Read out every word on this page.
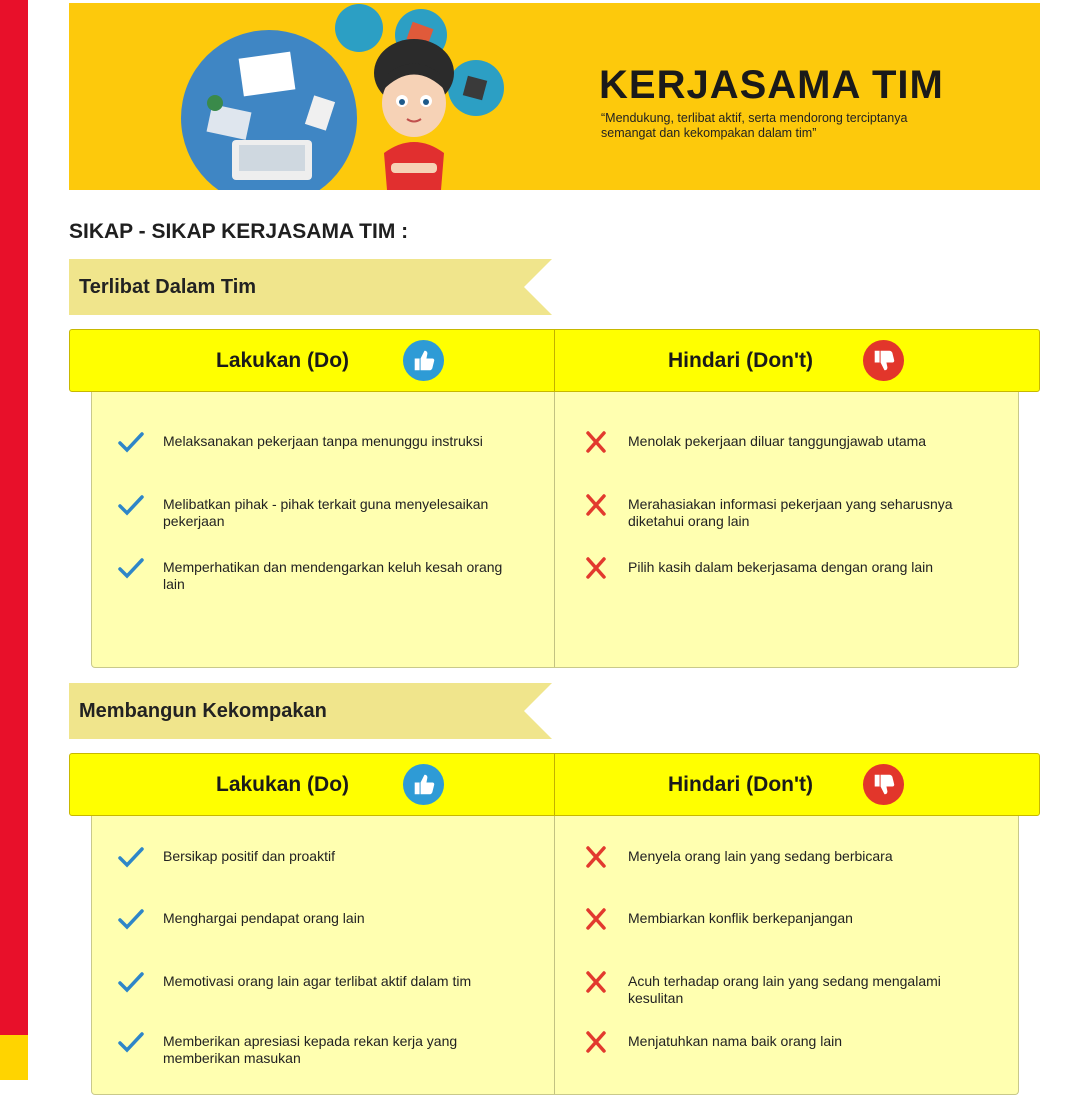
KERJASAMA TIM
“Mendukung, terlibat aktif, serta mendorong terciptanya semangat dan kekompakan dalam tim”
SIKAP - SIKAP KERJASAMA TIM :
Terlibat Dalam Tim
Lakukan (Do)	Hindari (Don't)
Melaksanakan pekerjaan tanpa menunggu instruksi
Melibatkan pihak - pihak terkait guna menyelesaikan pekerjaan
Memperhatikan dan mendengarkan keluh kesah orang lain
Menolak pekerjaan diluar tanggungjawab utama
Merahasiakan informasi pekerjaan yang seharusnya diketahui orang lain
Pilih kasih dalam bekerjasama dengan orang lain
Membangun Kekompakan
Lakukan (Do)	Hindari (Don't)
Bersikap positif dan proaktif
Menghargai pendapat orang lain
Memotivasi orang lain agar terlibat aktif dalam tim
Memberikan apresiasi kepada rekan kerja yang memberikan masukan
Menyela orang lain yang sedang berbicara
Membiarkan konflik berkepanjangan
Acuh terhadap orang lain yang sedang mengalami kesulitan
Menjatuhkan nama baik orang lain
